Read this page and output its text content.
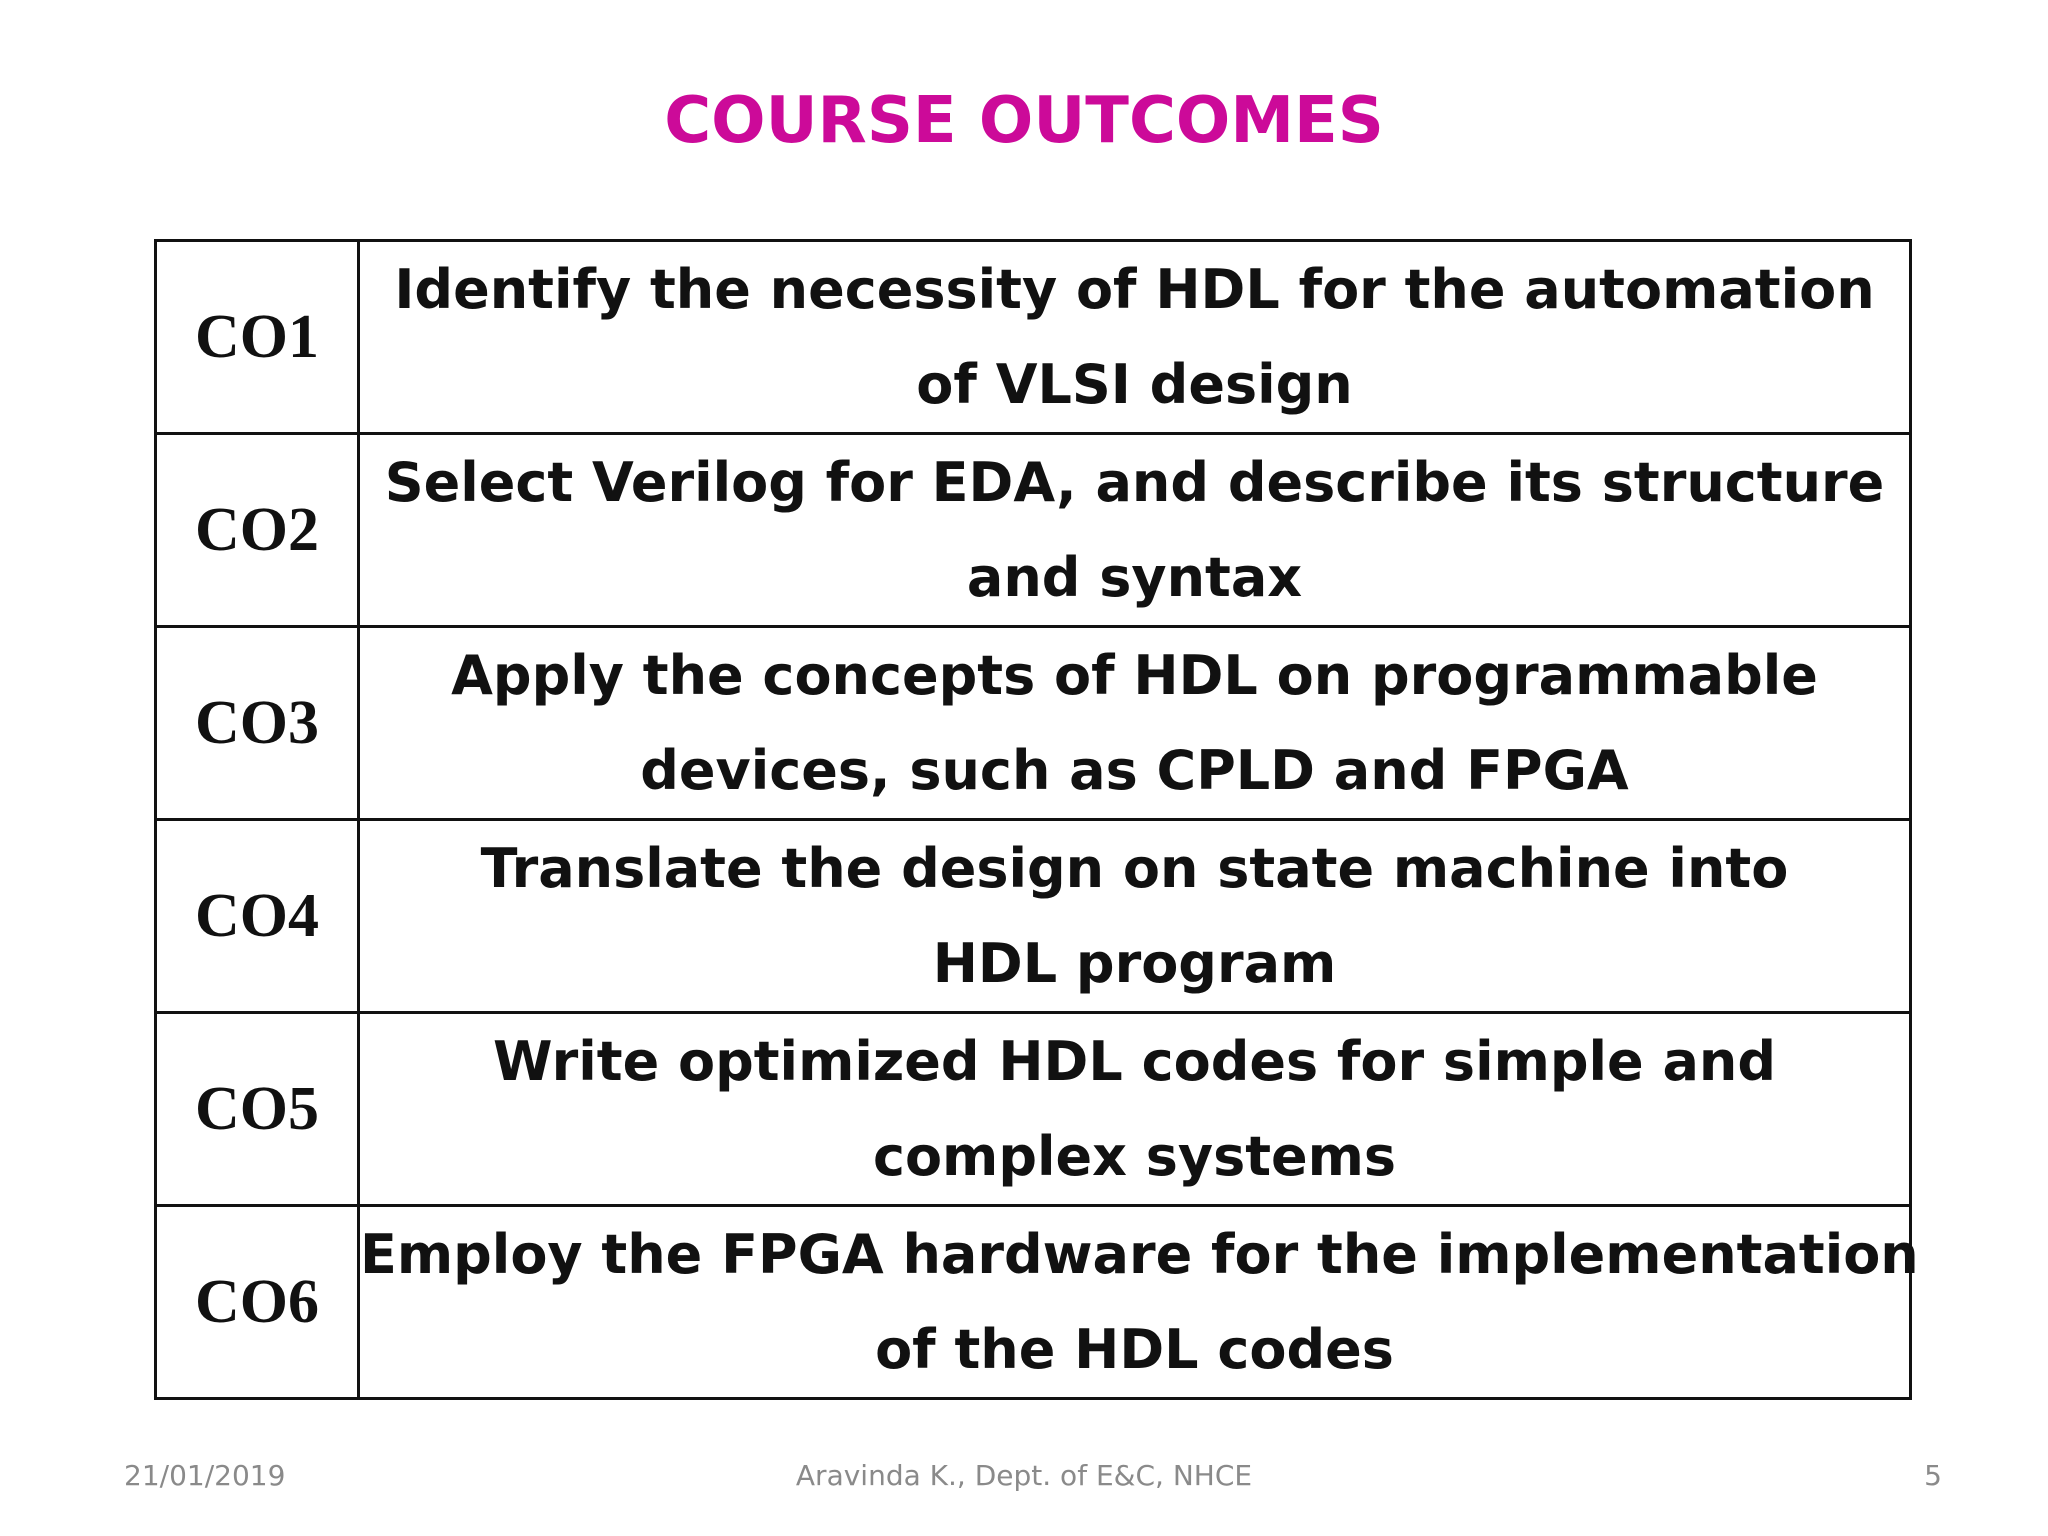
COURSE OUTCOMES
CO1	Identify the necessity of HDL for the automation
of VLSI design

CO2	Select Verilog for EDA, and describe its structure
and syntax

CO3	Apply the concepts of HDL on programmable
devices, such as CPLD and FPGA

CO4	Translate the design on state machine into
HDL program

CO5	Write optimized HDL codes for simple and
complex systems

CO6	Employ the FPGA hardware for the implementation
of the HDL codes
21/01/2019	Aravinda K., Dept. of E&C, NHCE	5
